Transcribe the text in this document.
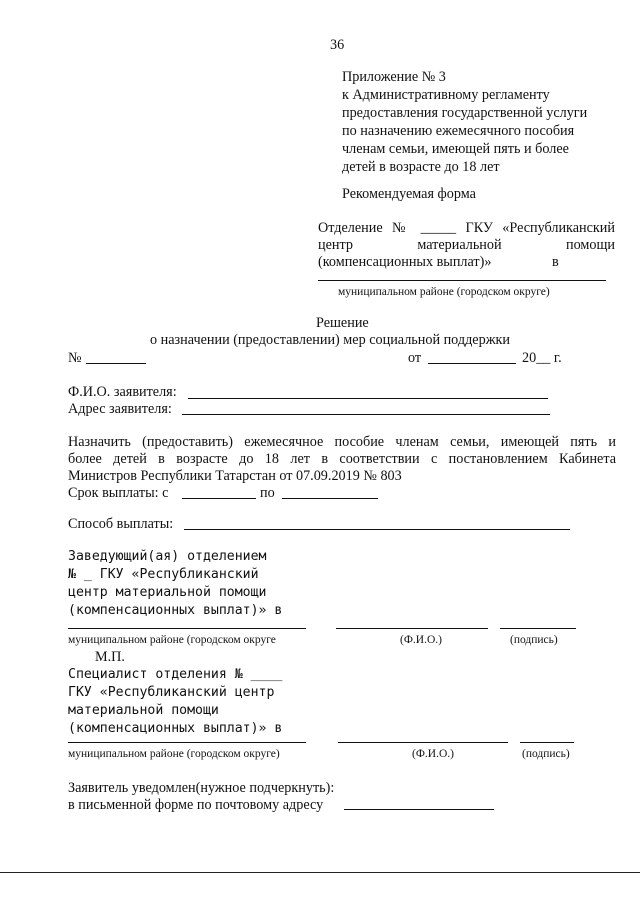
36
Приложение № 3
к Административному регламенту
предоставления государственной услуги
по назначению ежемесячного пособия
членам семьи, имеющей пять и более
детей в возрасте до 18 лет
Рекомендуемая форма
Отделение № _____ ГКУ «Республиканский
центр	материальной	помощи
(компенсационных выплат)»	в
муниципальном районе (городском округе)
Решение
о назначении (предоставлении) мер социальной поддержки
№	от	20__ г.
Ф.И.О. заявителя:
Адрес заявителя:
Назначить (предоставить) ежемесячное пособие членам семьи, имеющей пять и
более детей в возрасте до 18 лет в соответствии с постановлением Кабинета
Министров Республики Татарстан от 07.09.2019 № 803
Срок выплаты: с	по
Способ выплаты:
Заведующий(ая) отделением
№ _ ГКУ «Республиканский
центр материальной помощи
(компенсационных выплат)» в
муниципальном районе (городском округе	(Ф.И.О.)	(подпись)
М.П.
Специалист отделения № ____
ГКУ «Республиканский центр
материальной помощи
(компенсационных выплат)» в
муниципальном районе (городском округе)	(Ф.И.О.)	(подпись)
Заявитель уведомлен(нужное подчеркнуть):
в письменной форме по почтовому адресу
